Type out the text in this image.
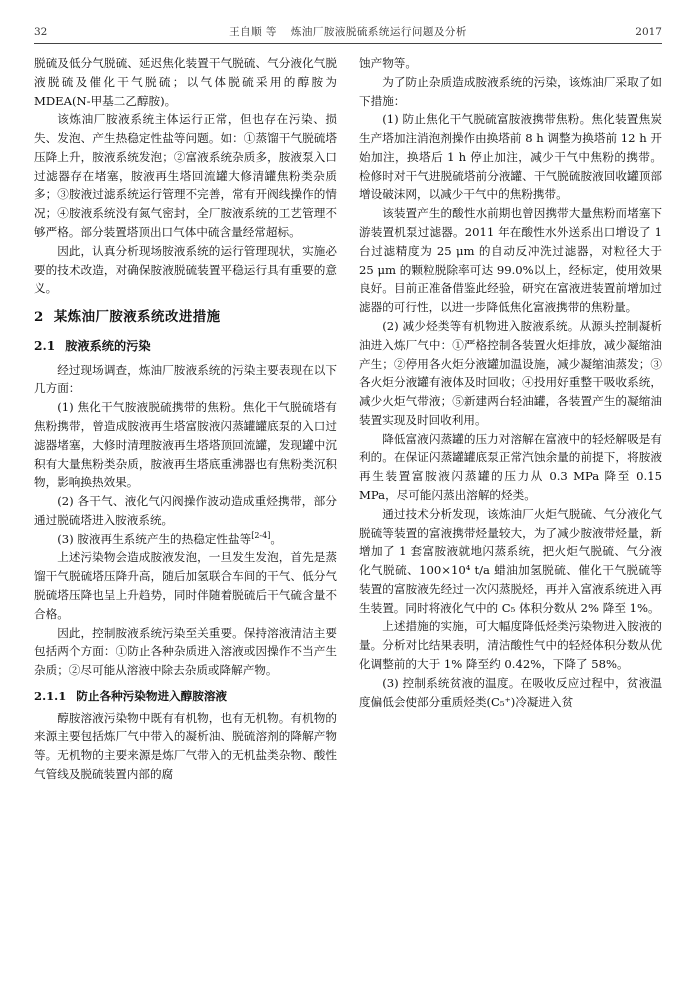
32	王自顺 等 炼油厂胺液脱硫系统运行问题及分析	2017

脱硫及低分气脱硫、延迟焦化装置干气脱硫、气分液化气脱液脱硫及催化干气脱硫；以气体脱硫采用的醇胺为 MDEA(N-甲基二乙醇胺)。

该炼油厂胺液系统主体运行正常，但也存在污染、损失、发泡、产生热稳定性盐等问题。如：①蒸馏干气脱硫塔压降上升，胺液系统发泡；②富液系统杂质多，胺液泵入口过滤器存在堵塞，胺液再生塔回流罐大修清罐焦粉类杂质多；③胺液过滤系统运行管理不完善，常有开阀线操作的情况；④胺液系统没有氮气密封，全厂胺液系统的工艺管理不够严格。部分装置塔顶出口气体中硫含量经常超标。

因此，认真分析现场胺液系统的运行管理现状，实施必要的技术改造，对确保胺液脱硫装置平稳运行具有重要的意义。

2 某炼油厂胺液系统改进措施
2.1 胺液系统的污染

经过现场调查，炼油厂胺液系统的污染主要表现在以下几方面：

(1) 焦化干气胺液脱硫携带的焦粉。焦化干气脱硫塔有焦粉携带，曾造成胺液再生塔富胺液闪蒸罐罐底泵的入口过滤器堵塞，大修时清理胺液再生塔塔顶回流罐，发现罐中沉积有大量焦粉类杂质，胺液再生塔底重沸器也有焦粉类沉积物，影响换热效果。

(2) 各干气、液化气闪阀操作波动造成重烃携带，部分通过脱硫塔进入胺液系统。

(3) 胺液再生系统产生的热稳定性盐等[2-4]。

上述污染物会造成胺液发泡，一旦发生发泡，首先是蒸馏干气脱硫塔压降升高，随后加氢联合车间的干气、低分气脱硫塔压降也呈上升趋势，同时伴随着脱硫后干气硫含量不合格。

因此，控制胺液系统污染至关重要。保持溶液清洁主要包括两个方面：①防止各种杂质进入溶液或因操作不当产生杂质；②尽可能从溶液中除去杂质或降解产物。

2.1.1 防止各种污染物进入醇胺溶液

醇胺溶液污染物中既有有机物，也有无机物。有机物的来源主要包括炼厂气中带入的凝析油、脱硫溶剂的降解产物等。无机物的主要来源是炼厂气带入的无机盐类杂物、酸性气管线及脱硫装置内部的腐

蚀产物等。

为了防止杂质造成胺液系统的污染，该炼油厂采取了如下措施：

(1) 防止焦化干气脱硫富胺液携带焦粉。焦化装置焦炭生产塔加注消泡剂操作由换塔前 8 h 调整为换塔前 12 h 开始加注，换塔后 1 h 停止加注，减少干气中焦粉的携带。检修时对干气进脱硫塔前分液罐、干气脱硫胺液回收罐顶部增设破沫网，以减少干气中的焦粉携带。

该装置产生的酸性水前期也曾因携带大量焦粉而堵塞下游装置机泵过滤器。2011 年在酸性水外送系出口增设了 1 台过滤精度为 25 μm 的自动反冲洗过滤器，对粒径大于 25 μm 的颗粒脱除率可达 99.0%以上，经标定，使用效果良好。目前正准备借鉴此经验，研究在富液进装置前增加过滤器的可行性，以进一步降低焦化富液携带的焦粉量。

(2) 减少烃类等有机物进入胺液系统。从源头控制凝析油进入炼厂气中：①严格控制各装置火炬排放，减少凝缩油产生；②停用各火炬分液罐加温设施，减少凝缩油蒸发；③各火炬分液罐有液体及时回收；④投用好重整干吸收系统，减少火炬气带液；⑤新建两台轻油罐，各装置产生的凝缩油装置实现及时回收利用。

降低富液闪蒸罐的压力对溶解在富液中的轻烃解吸是有利的。在保证闪蒸罐罐底泵正常汽蚀余量的前提下，将胺液再生装置富胺液闪蒸罐的压力从 0.3 MPa 降至 0.15 MPa，尽可能闪蒸出溶解的烃类。

通过技术分析发现，该炼油厂火炬气脱硫、气分液化气脱硫等装置的富液携带烃量较大，为了减少胺液带烃量，新增加了 1 套富胺液就地闪蒸系统，把火炬气脱硫、气分液化气脱硫、100×10⁴ t/a 蜡油加氢脱硫、催化干气脱硫等装置的富胺液先经过一次闪蒸脱烃，再并入富液系统进入再生装置。同时将液化气中的 C₅ 体积分数从 2% 降至 1%。

上述措施的实施，可大幅度降低烃类污染物进入胺液的量。分析对比结果表明，清洁酸性气中的轻烃体积分数从优化调整前的大于 1% 降至约 0.42%，下降了 58%。

(3) 控制系统贫液的温度。在吸收反应过程中，贫液温度偏低会使部分重质烃类(C₅⁺)冷凝进入贫
